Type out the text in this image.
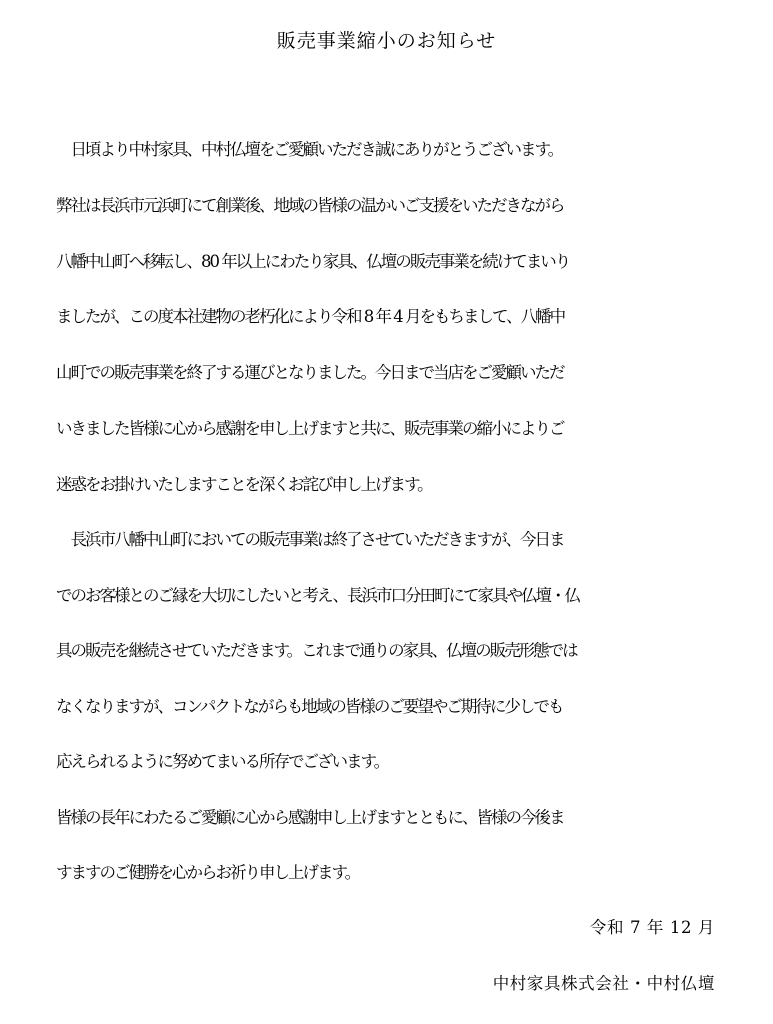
販売事業縮小のお知らせ
　日頃より中村家具、中村仏壇をご愛顧いただき誠にありがとうございます。
弊社は長浜市元浜町にて創業後、地域の皆様の温かいご支援をいただきながら
八幡中山町へ移転し、80 年以上にわたり家具、仏壇の販売事業を続けてまいり
ましたが、この度本社建物の老朽化により令和 8 年 4 月をもちまして、八幡中
山町での販売事業を終了する運びとなりました。今日まで当店をご愛顧いただ
いきました皆様に心から感謝を申し上げますと共に、販売事業の縮小によりご
迷惑をお掛けいたしますことを深くお詫び申し上げます。
　長浜市八幡中山町においての販売事業は終了させていただきますが、今日ま
でのお客様とのご縁を大切にしたいと考え、長浜市口分田町にて家具や仏壇・仏
具の販売を継続させていただきます。これまで通りの家具、仏壇の販売形態では
なくなりますが、コンパクトながらも地域の皆様のご要望やご期待に少しでも
応えられるように努めてまいる所存でございます。
皆様の長年にわたるご愛顧に心から感謝申し上げますとともに、皆様の今後ま
すますのご健勝を心からお祈り申し上げます。
令和 7 年 12 月
中村家具株式会社・中村仏壇
